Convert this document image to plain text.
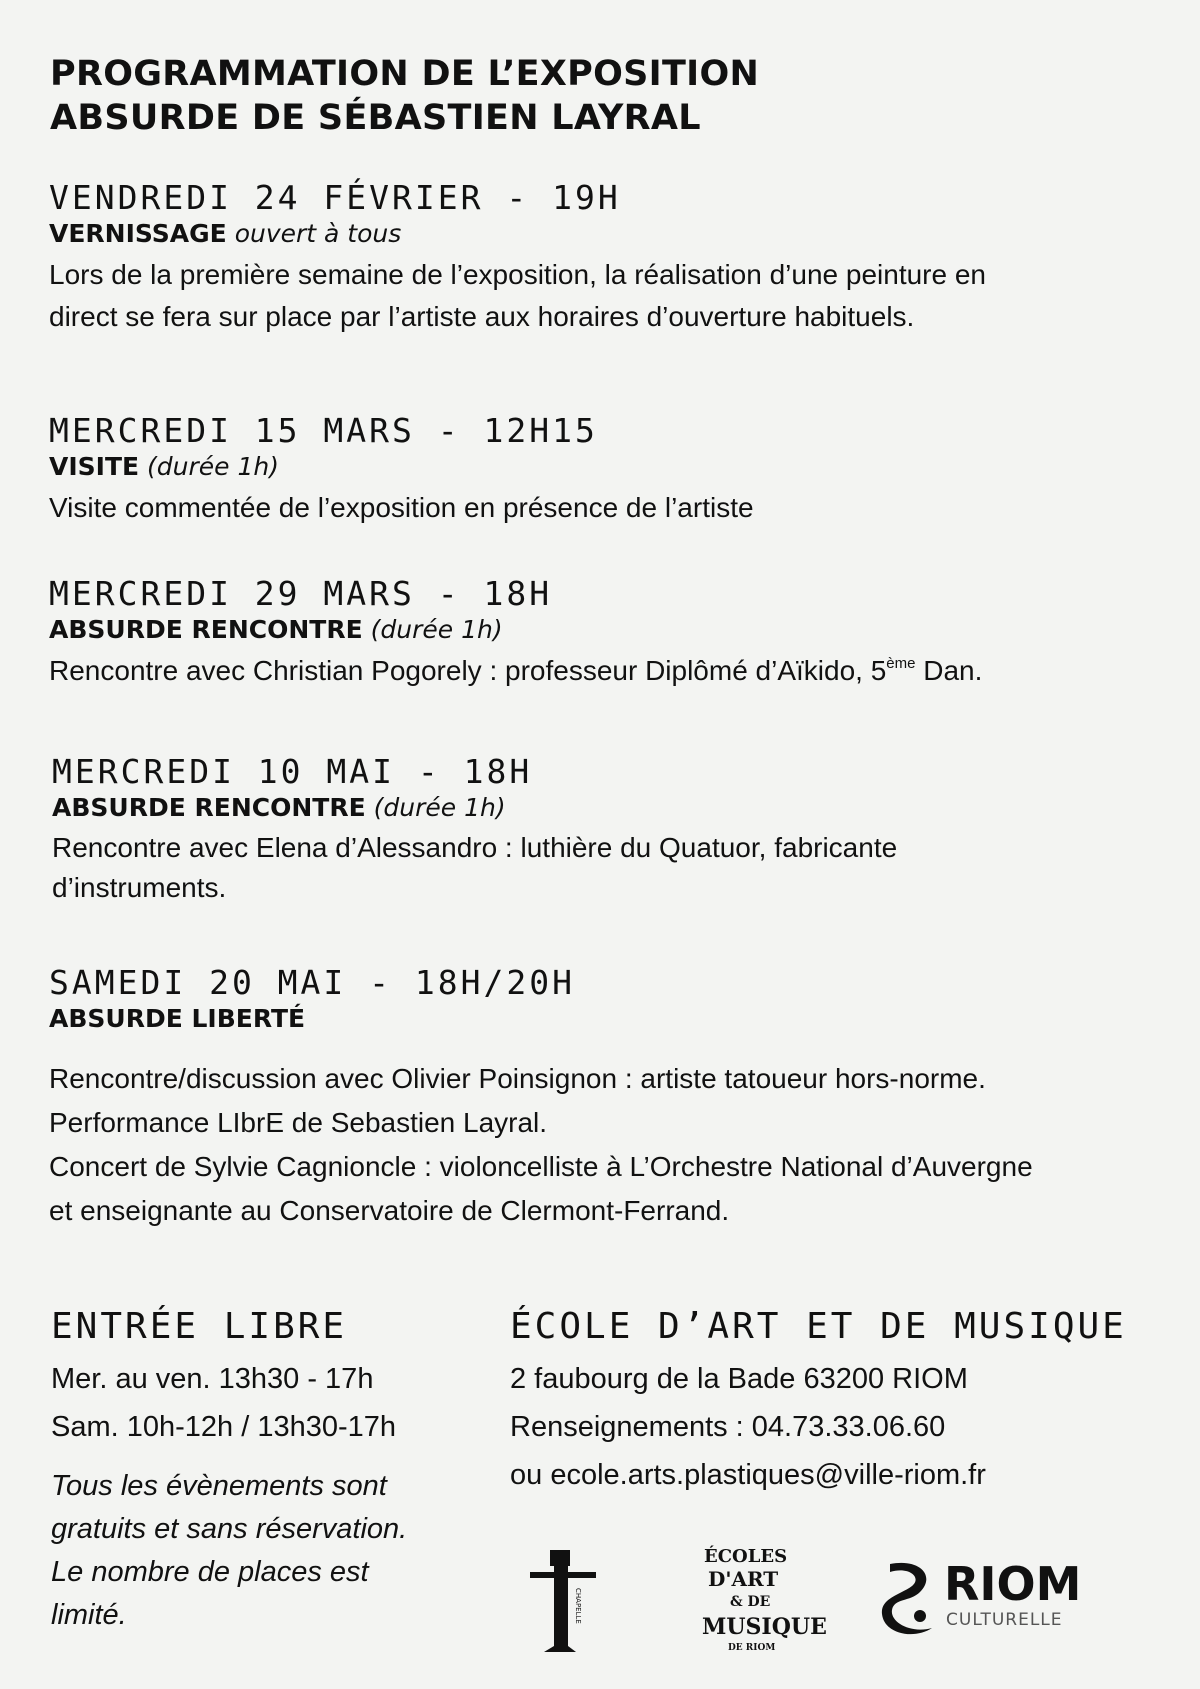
PROGRAMMATION DE L’EXPOSITION
ABSURDE DE SÉBASTIEN LAYRAL

VENDREDI 24 FÉVRIER - 19H

VERNISSAGE ouvert à tous

Lors de la première semaine de l’exposition, la réalisation d’une peinture en

direct se fera sur place par l’artiste aux horaires d’ouverture habituels.

MERCREDI 15 MARS - 12H15

VISITE (durée 1h)

Visite commentée de l’exposition en présence de l’artiste

MERCREDI 29 MARS - 18H

ABSURDE RENCONTRE (durée 1h)

Rencontre avec Christian Pogorely : professeur Diplômé d’Aïkido, 5ème Dan.

MERCREDI 10 MAI - 18H

ABSURDE RENCONTRE (durée 1h)

Rencontre avec Elena d’Alessandro : luthière du Quatuor, fabricante

d’instruments.

SAMEDI 20 MAI - 18H/20H

ABSURDE LIBERTÉ

Rencontre/discussion avec Olivier Poinsignon : artiste tatoueur hors-norme.

Performance LIbrE de Sebastien Layral.

Concert de Sylvie Cagnioncle : violoncelliste à L’Orchestre National d’Auvergne

et enseignante au Conservatoire de Clermont-Ferrand.

ENTRÉE LIBRE

Mer. au ven. 13h30 - 17h

Sam. 10h-12h / 13h30-17h

Tous les évènements sont
gratuits et sans réservation.
Le nombre de places est
limité.

ÉCOLE D’ART ET DE MUSIQUE

2 faubourg de la Bade 63200 RIOM

Renseignements : 04.73.33.06.60

ou ecole.arts.plastiques@ville-riom.fr

CHAPELLE
ÉCOLES
D'ART
& DE
MUSIQUE
DE RIOM

RIOM

CULTURELLE
